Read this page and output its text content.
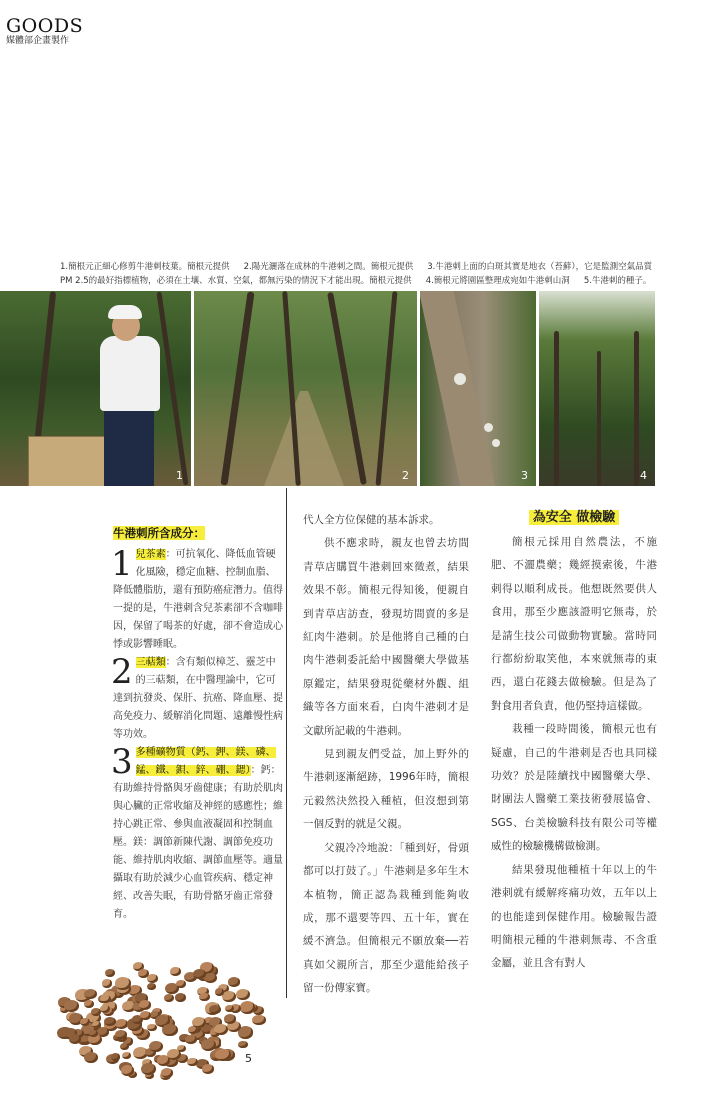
GOODS
媒體部企畫製作
1.簡根元正細心修剪牛港刺枝葉。簡根元提供 2.陽光灑落在成林的牛港刺之間。簡根元提供 3.牛港刺上面的白斑其實是地衣（苔蘚），它是監測空氣品質
PM 2.5的最好指標植物，必須在土壤、水質、空氣，都無污染的情況下才能出現。簡根元提供 4.簡根元將園區整理成宛如牛港刺山洞 5.牛港刺的種子。
1	2	3	4
牛港刺所含成分：
1 兒茶素：可抗氧化、降低血管硬化風險，穩定血糖、控制血脂、降低體脂肪，還有預防癌症潛力。值得一提的是，牛港刺含兒茶素卻不含咖啡因，保留了喝茶的好處，卻不會造成心悸或影響睡眠。
2 三萜類：含有類似樟芝、靈芝中的三萜類，在中醫理論中，它可達到抗發炎、保肝、抗癌、降血壓、提高免疫力、緩解消化問題、遠離慢性病等功效。
3 多種礦物質（鈣、鉀、鎂、磷、錳、鐵、鋇、鋅、硼、鍶）：鈣：有助維持骨骼與牙齒健康；有助於肌肉與心臟的正常收縮及神經的感應性；維持心跳正常、參與血液凝固和控制血壓。鎂：調節新陳代謝、調節免疫功能、維持肌肉收縮、調節血壓等。適量攝取有助於減少心血管疾病、穩定神經、改善失眠，有助骨骼牙齒正常發育。

代人全方位保健的基本訴求。

供不應求時，親友也曾去坊間青草店購買牛港刺回來徵煮，結果效果不彰。簡根元得知後，便親自到青草店訪查，發現坊間賣的多是紅肉牛港刺。於是他將自己種的白肉牛港刺委託給中國醫藥大學做基原鑑定，結果發現從藥材外觀、組織等各方面來看，白肉牛港刺才是文獻所記載的牛港刺。

見到親友們受益，加上野外的牛港刺逐漸絕跡，1996年時，簡根元毅然決然投入種植，但沒想到第一個反對的就是父親。

父親冷冷地說：「種到好，骨頭都可以打鼓了。」牛港刺是多年生木本植物，簡正認為栽種到能夠收成，那不還要等四、五十年，實在緩不濟急。但簡根元不願放棄──若真如父親所言，那至少還能給孩子留一份傳家寶。

為安全 做檢驗

簡根元採用自然農法，不施肥、不灑農藥；幾經摸索後，牛港刺得以順利成長。他想既然要供人食用，那至少應該證明它無毒，於是請生技公司做動物實驗。當時同行都紛紛取笑他，本來就無毒的東西，還白花錢去做檢驗。但是為了對食用者負責，他仍堅持這樣做。

栽種一段時間後，簡根元也有疑慮，自己的牛港刺是否也具同樣功效？於是陸續找中國醫藥大學、財團法人醫藥工業技術發展協會、SGS、台美檢驗科技有限公司等權威性的檢驗機構做檢測。

結果發現他種植十年以上的牛港刺就有緩解疼痛功效，五年以上的也能達到保健作用。檢驗報告證明簡根元種的牛港刺無毒、不含重金屬，並且含有對人

5
